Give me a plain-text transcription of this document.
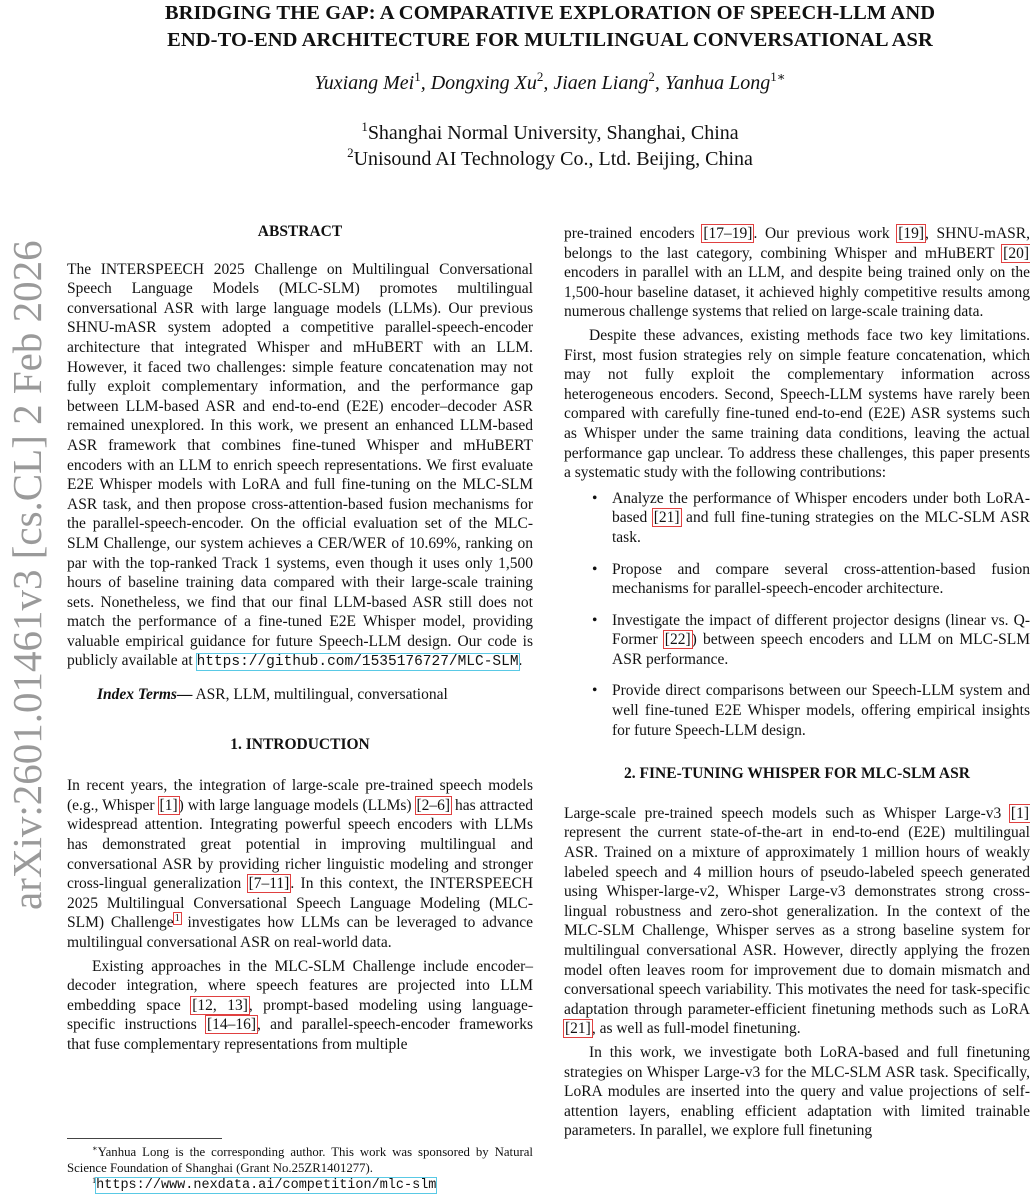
arXiv:2601.01461v3 [cs.CL] 2 Feb 2026
BRIDGING THE GAP: A COMPARATIVE EXPLORATION OF SPEECH-LLM AND
END-TO-END ARCHITECTURE FOR MULTILINGUAL CONVERSATIONAL ASR
Yuxiang Mei$^1$, Dongxing Xu$^2$, Jiaen Liang$^2$, Yanhua Long$^{1∗}$
$^1$Shanghai Normal University, Shanghai, China
$^2$Unisound AI Technology Co., Ltd. Beijing, China

ABSTRACT

The INTERSPEECH 2025 Challenge on Multilingual Conversational Speech Language Models (MLC-SLM) promotes multilingual conversational ASR with large language models (LLMs). Our previous SHNU-mASR system adopted a competitive parallel-speech-encoder architecture that integrated Whisper and mHuBERT with an LLM. However, it faced two challenges: simple feature concatenation may not fully exploit complementary information, and the performance gap between LLM-based ASR and end-to-end (E2E) encoder–decoder ASR remained unexplored. In this work, we present an enhanced LLM-based ASR framework that combines fine-tuned Whisper and mHuBERT encoders with an LLM to enrich speech representations. We first evaluate E2E Whisper models with LoRA and full fine-tuning on the MLC-SLM ASR task, and then propose cross-attention-based fusion mechanisms for the parallel-speech-encoder. On the official evaluation set of the MLC-SLM Challenge, our system achieves a CER/WER of 10.69%, ranking on par with the top-ranked Track 1 systems, even though it uses only 1,500 hours of baseline training data compared with their large-scale training sets. Nonetheless, we find that our final LLM-based ASR still does not match the performance of a fine-tuned E2E Whisper model, providing valuable empirical guidance for future Speech-LLM design. Our code is publicly available at https://github.com/1535176727/MLC-SLM.

Index Terms— ASR, LLM, multilingual, conversational

1. INTRODUCTION

In recent years, the integration of large-scale pre-trained speech models (e.g., Whisper [1]) with large language models (LLMs) [2–6] has attracted widespread attention. Integrating powerful speech encoders with LLMs has demonstrated great potential in improving multilingual and conversational ASR by providing richer linguistic modeling and stronger cross-lingual generalization [7–11]. In this context, the INTERSPEECH 2025 Multilingual Conversational Speech Language Modeling (MLC-SLM) Challenge$^1$ investigates how LLMs can be leveraged to advance multilingual conversational ASR on real-world data.

Existing approaches in the MLC-SLM Challenge include encoder–decoder integration, where speech features are projected into LLM embedding space [12, 13], prompt-based modeling using language-specific instructions [14–16], and parallel-speech-encoder frameworks that fuse complementary representations from multiple

pre-trained encoders [17–19]. Our previous work [19], SHNU-mASR, belongs to the last category, combining Whisper and mHuBERT [20] encoders in parallel with an LLM, and despite being trained only on the 1,500-hour baseline dataset, it achieved highly competitive results among numerous challenge systems that relied on large-scale training data.

Despite these advances, existing methods face two key limitations. First, most fusion strategies rely on simple feature concatenation, which may not fully exploit the complementary information across heterogeneous encoders. Second, Speech-LLM systems have rarely been compared with carefully fine-tuned end-to-end (E2E) ASR systems such as Whisper under the same training data conditions, leaving the actual performance gap unclear. To address these challenges, this paper presents a systematic study with the following contributions:

• Analyze the performance of Whisper encoders under both LoRA-based [21] and full fine-tuning strategies on the MLC-SLM ASR task.
• Propose and compare several cross-attention-based fusion mechanisms for parallel-speech-encoder architecture.
• Investigate the impact of different projector designs (linear vs. Q-Former [22]) between speech encoders and LLM on MLC-SLM ASR performance.
• Provide direct comparisons between our Speech-LLM system and well fine-tuned E2E Whisper models, offering empirical insights for future Speech-LLM design.

2. FINE-TUNING WHISPER FOR MLC-SLM ASR

Large-scale pre-trained speech models such as Whisper Large-v3 [1] represent the current state-of-the-art in end-to-end (E2E) multilingual ASR. Trained on a mixture of approximately 1 million hours of weakly labeled speech and 4 million hours of pseudo-labeled speech generated using Whisper-large-v2, Whisper Large-v3 demonstrates strong cross-lingual robustness and zero-shot generalization. In the context of the MLC-SLM Challenge, Whisper serves as a strong baseline system for multilingual conversational ASR. However, directly applying the frozen model often leaves room for improvement due to domain mismatch and conversational speech variability. This motivates the need for task-specific adaptation through parameter-efficient finetuning methods such as LoRA [21], as well as full-model finetuning.

In this work, we investigate both LoRA-based and full finetuning strategies on Whisper Large-v3 for the MLC-SLM ASR task. Specifically, LoRA modules are inserted into the query and value projections of self-attention layers, enabling efficient adaptation with limited trainable parameters. In parallel, we explore full finetuning

∗Yanhua Long is the corresponding author. This work was sponsored by Natural Science Foundation of Shanghai (Grant No.25ZR1401277).

$^1$https://www.nexdata.ai/competition/mlc-slm
